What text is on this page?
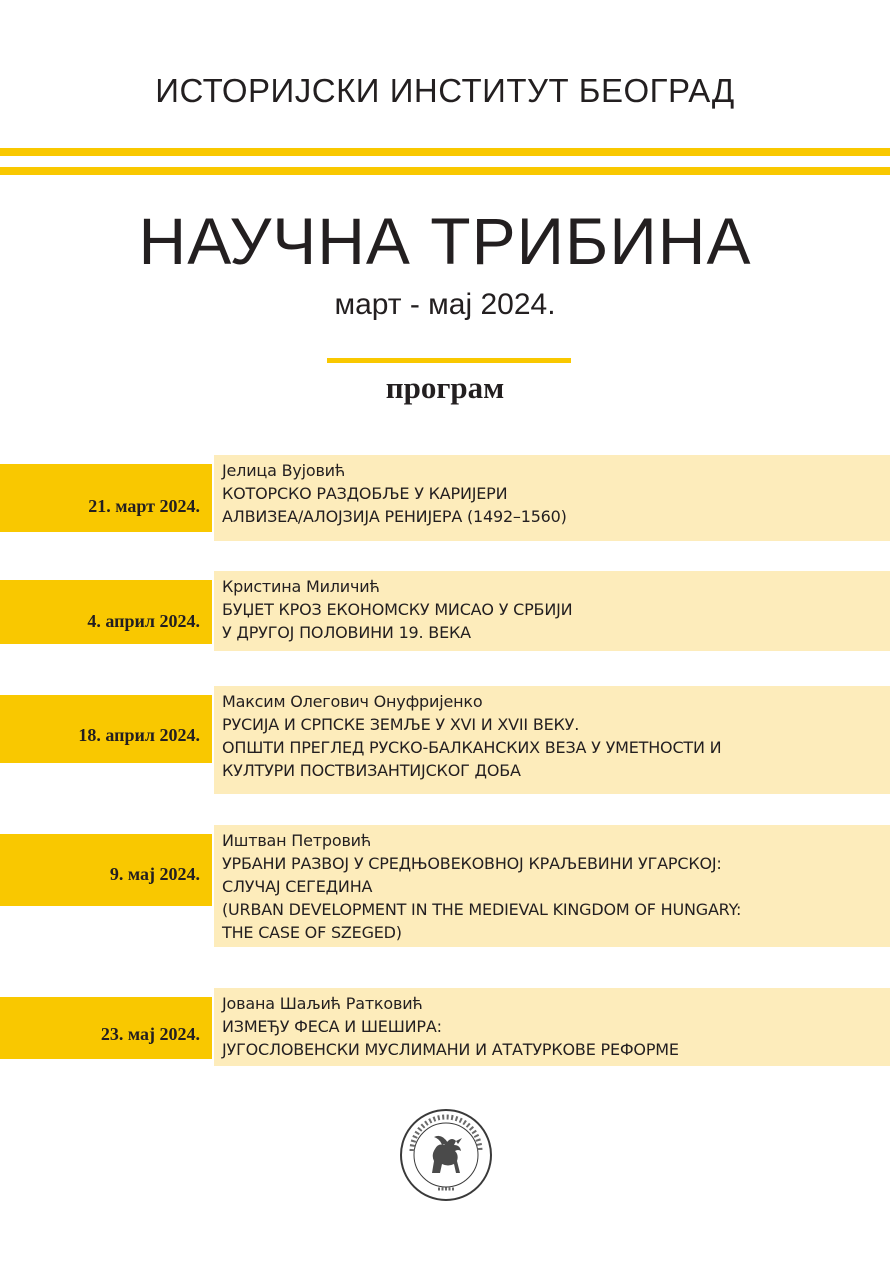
ИСТОРИЈСКИ ИНСТИТУТ БЕОГРАД
НАУЧНА ТРИБИНА
март - мај 2024.
програм
21. март 2024.
Јелица Вујовић
КОТОРСКО РАЗДОБЉЕ У КАРИЈЕРИ
АЛВИЗЕА/АЛОЈЗИЈА РЕНИЈЕРА (1492–1560)
4. април 2024.
Кристина Миличић
БУЏЕТ КРОЗ ЕКОНОМСКУ МИСАО У СРБИЈИ
У ДРУГОЈ ПОЛОВИНИ 19. ВЕКА
18. април 2024.
Максим Олегович Онуфријенко
РУСИЈА И СРПСКЕ ЗЕМЉЕ У XVI И XVII ВЕКУ.
ОПШТИ ПРЕГЛЕД РУСКО-БАЛКАНСКИХ ВЕЗА У УМЕТНОСТИ И
КУЛТУРИ ПОСТВИЗАНТИЈСКОГ ДОБА
9. мај 2024.
Иштван Петровић
УРБАНИ РАЗВОЈ У СРЕДЊОВЕКОВНОЈ КРАЉЕВИНИ УГАРСКОЈ:
СЛУЧАЈ СЕГЕДИНА
(URBAN DEVELOPMENT IN THE MEDIEVAL KINGDOM OF HUNGARY:
THE CASE OF SZEGED)
23. мај 2024.
Јована Шаљић Ратковић
ИЗМЕЂУ ФЕСА И ШЕШИРА:
ЈУГОСЛОВЕНСКИ МУСЛИМАНИ И АТАТУРКОВЕ РЕФОРМЕ
